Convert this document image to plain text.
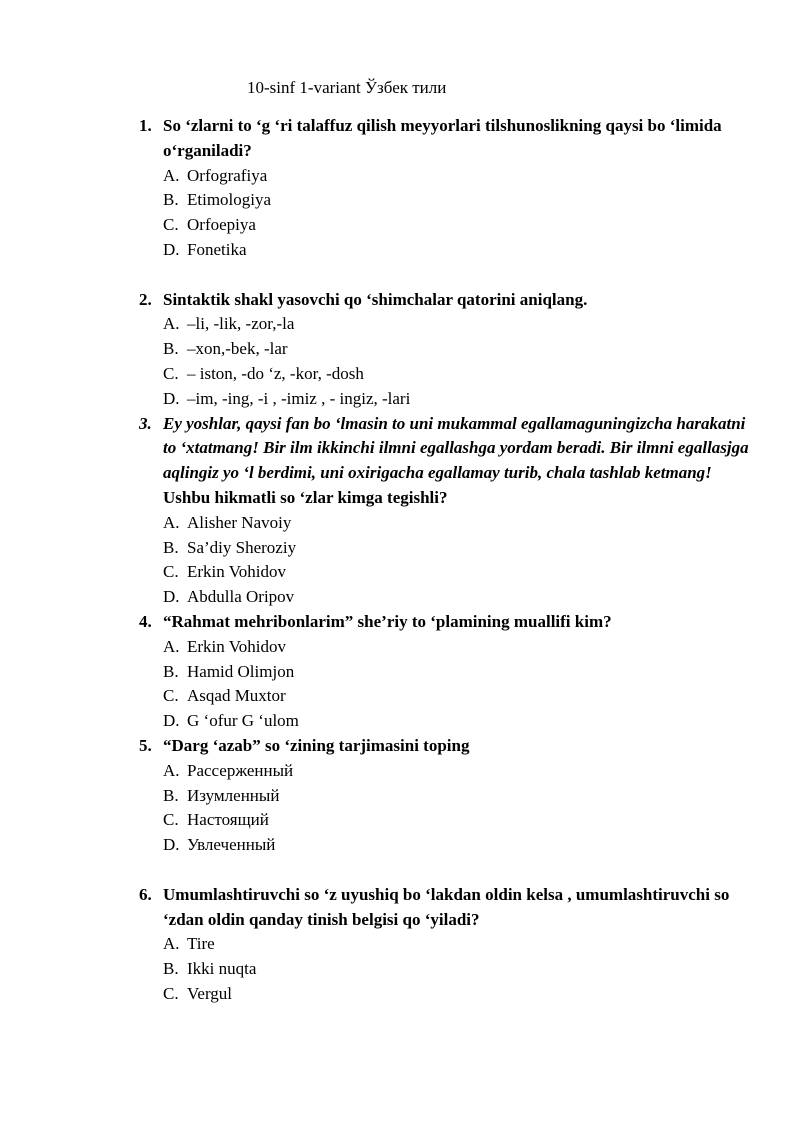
10-sinf 1-variant Ўзбек тили
1. So ‘zlarni to ‘g ‘ri talaffuz qilish meyyorlari tilshunoslikning qaysi bo ‘limida o‘rganiladi?
A. Orfografiya
B. Etimologiya
C. Orfoepiya
D. Fonetika
2. Sintaktik shakl yasovchi qo ‘shimchalar qatorini aniqlang.
A. –li, -lik, -zor,-la
B. –xon,-bek, -lar
C. – iston, -do ‘z, -kor, -dosh
D. –im, -ing, -i , -imiz , - ingiz, -lari
3. Ey yoshlar, qaysi fan bo ‘lmasin to uni mukammal egallamaguningizcha harakatni to ‘xtatmang! Bir ilm ikkinchi ilmni egallashga yordam beradi. Bir ilmni egallasjga aqlingiz yo ‘l berdimi, uni oxirigacha egallamay turib, chala tashlab ketmang!
Ushbu hikmatli so ‘zlar kimga tegishli?
A. Alisher Navoiy
B. Sa’diy Sheroziy
C. Erkin Vohidov
D. Abdulla Oripov
4. “Rahmat mehribonlarim” she’riy to ‘plamining muallifi kim?
A. Erkin Vohidov
B. Hamid Olimjon
C. Asqad Muxtor
D. G ‘ofur G ‘ulom
5. “Darg ‘azab” so ‘zining tarjimasini toping
A. Рассерженный
B. Изумленный
C. Настоящий
D. Увлеченный
6. Umumlashtiruvchi so ‘z uyushiq bo ‘lakdan oldin kelsa , umumlashtiruvchi so ‘zdan oldin qanday tinish belgisi qo ‘yiladi?
A. Tire
B. Ikki nuqta
C. Vergul
